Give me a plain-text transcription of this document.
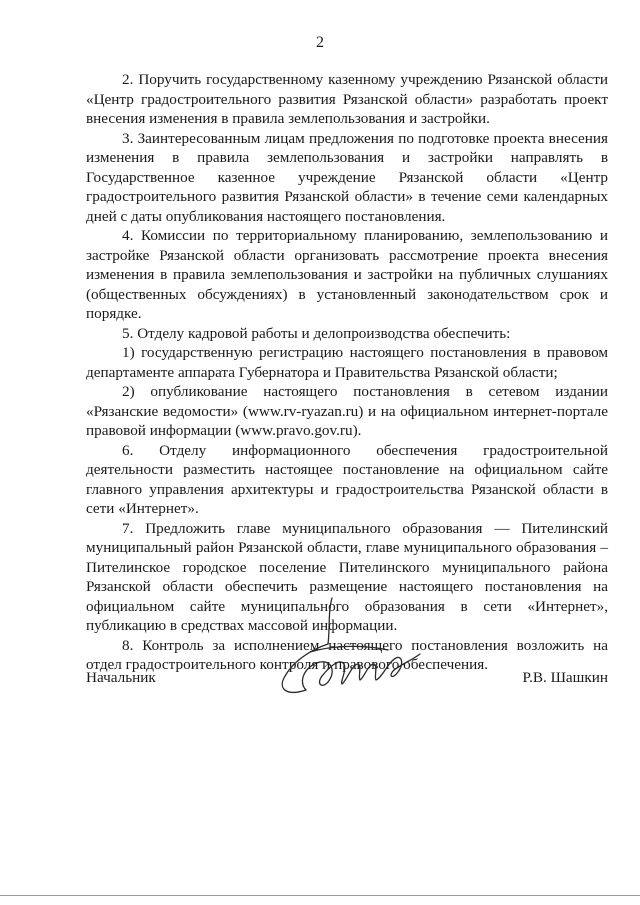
2

2. Поручить государственному казенному учреждению Рязанской области «Центр градостроительного развития Рязанской области» разработать проект внесения изменения в правила землепользования и застройки.

3. Заинтересованным лицам предложения по подготовке проекта внесения изменения в правила землепользования и застройки направлять в Государственное казенное учреждение Рязанской области «Центр градостроительного развития Рязанской области» в течение семи календарных дней с даты опубликования настоящего постановления.

4. Комиссии по территориальному планированию, землепользованию и застройке Рязанской области организовать рассмотрение проекта внесения изменения в правила землепользования и застройки на публичных слушаниях (общественных обсуждениях) в установленный законодательством срок и порядке.

5. Отделу кадровой работы и делопроизводства обеспечить:

1) государственную регистрацию настоящего постановления в правовом департаменте аппарата Губернатора и Правительства Рязанской области;

2) опубликование настоящего постановления в сетевом издании «Рязанские ведомости» (www.rv-ryazan.ru) и на официальном интернет-портале правовой информации (www.pravo.gov.ru).

6. Отделу информационного обеспечения градостроительной деятельности разместить настоящее постановление на официальном сайте главного управления архитектуры и градостроительства Рязанской области в сети «Интернет».

7. Предложить главе муниципального образования — Пителинский муниципальный район Рязанской области, главе муниципального образования – Пителинское городское поселение Пителинского муниципального района Рязанской области обеспечить размещение настоящего постановления на официальном сайте муниципального образования в сети «Интернет», публикацию в средствах массовой информации.

8. Контроль за исполнением настоящего постановления возложить на отдел градостроительного контроля и правового обеспечения.

Начальник	Р.В. Шашкин
